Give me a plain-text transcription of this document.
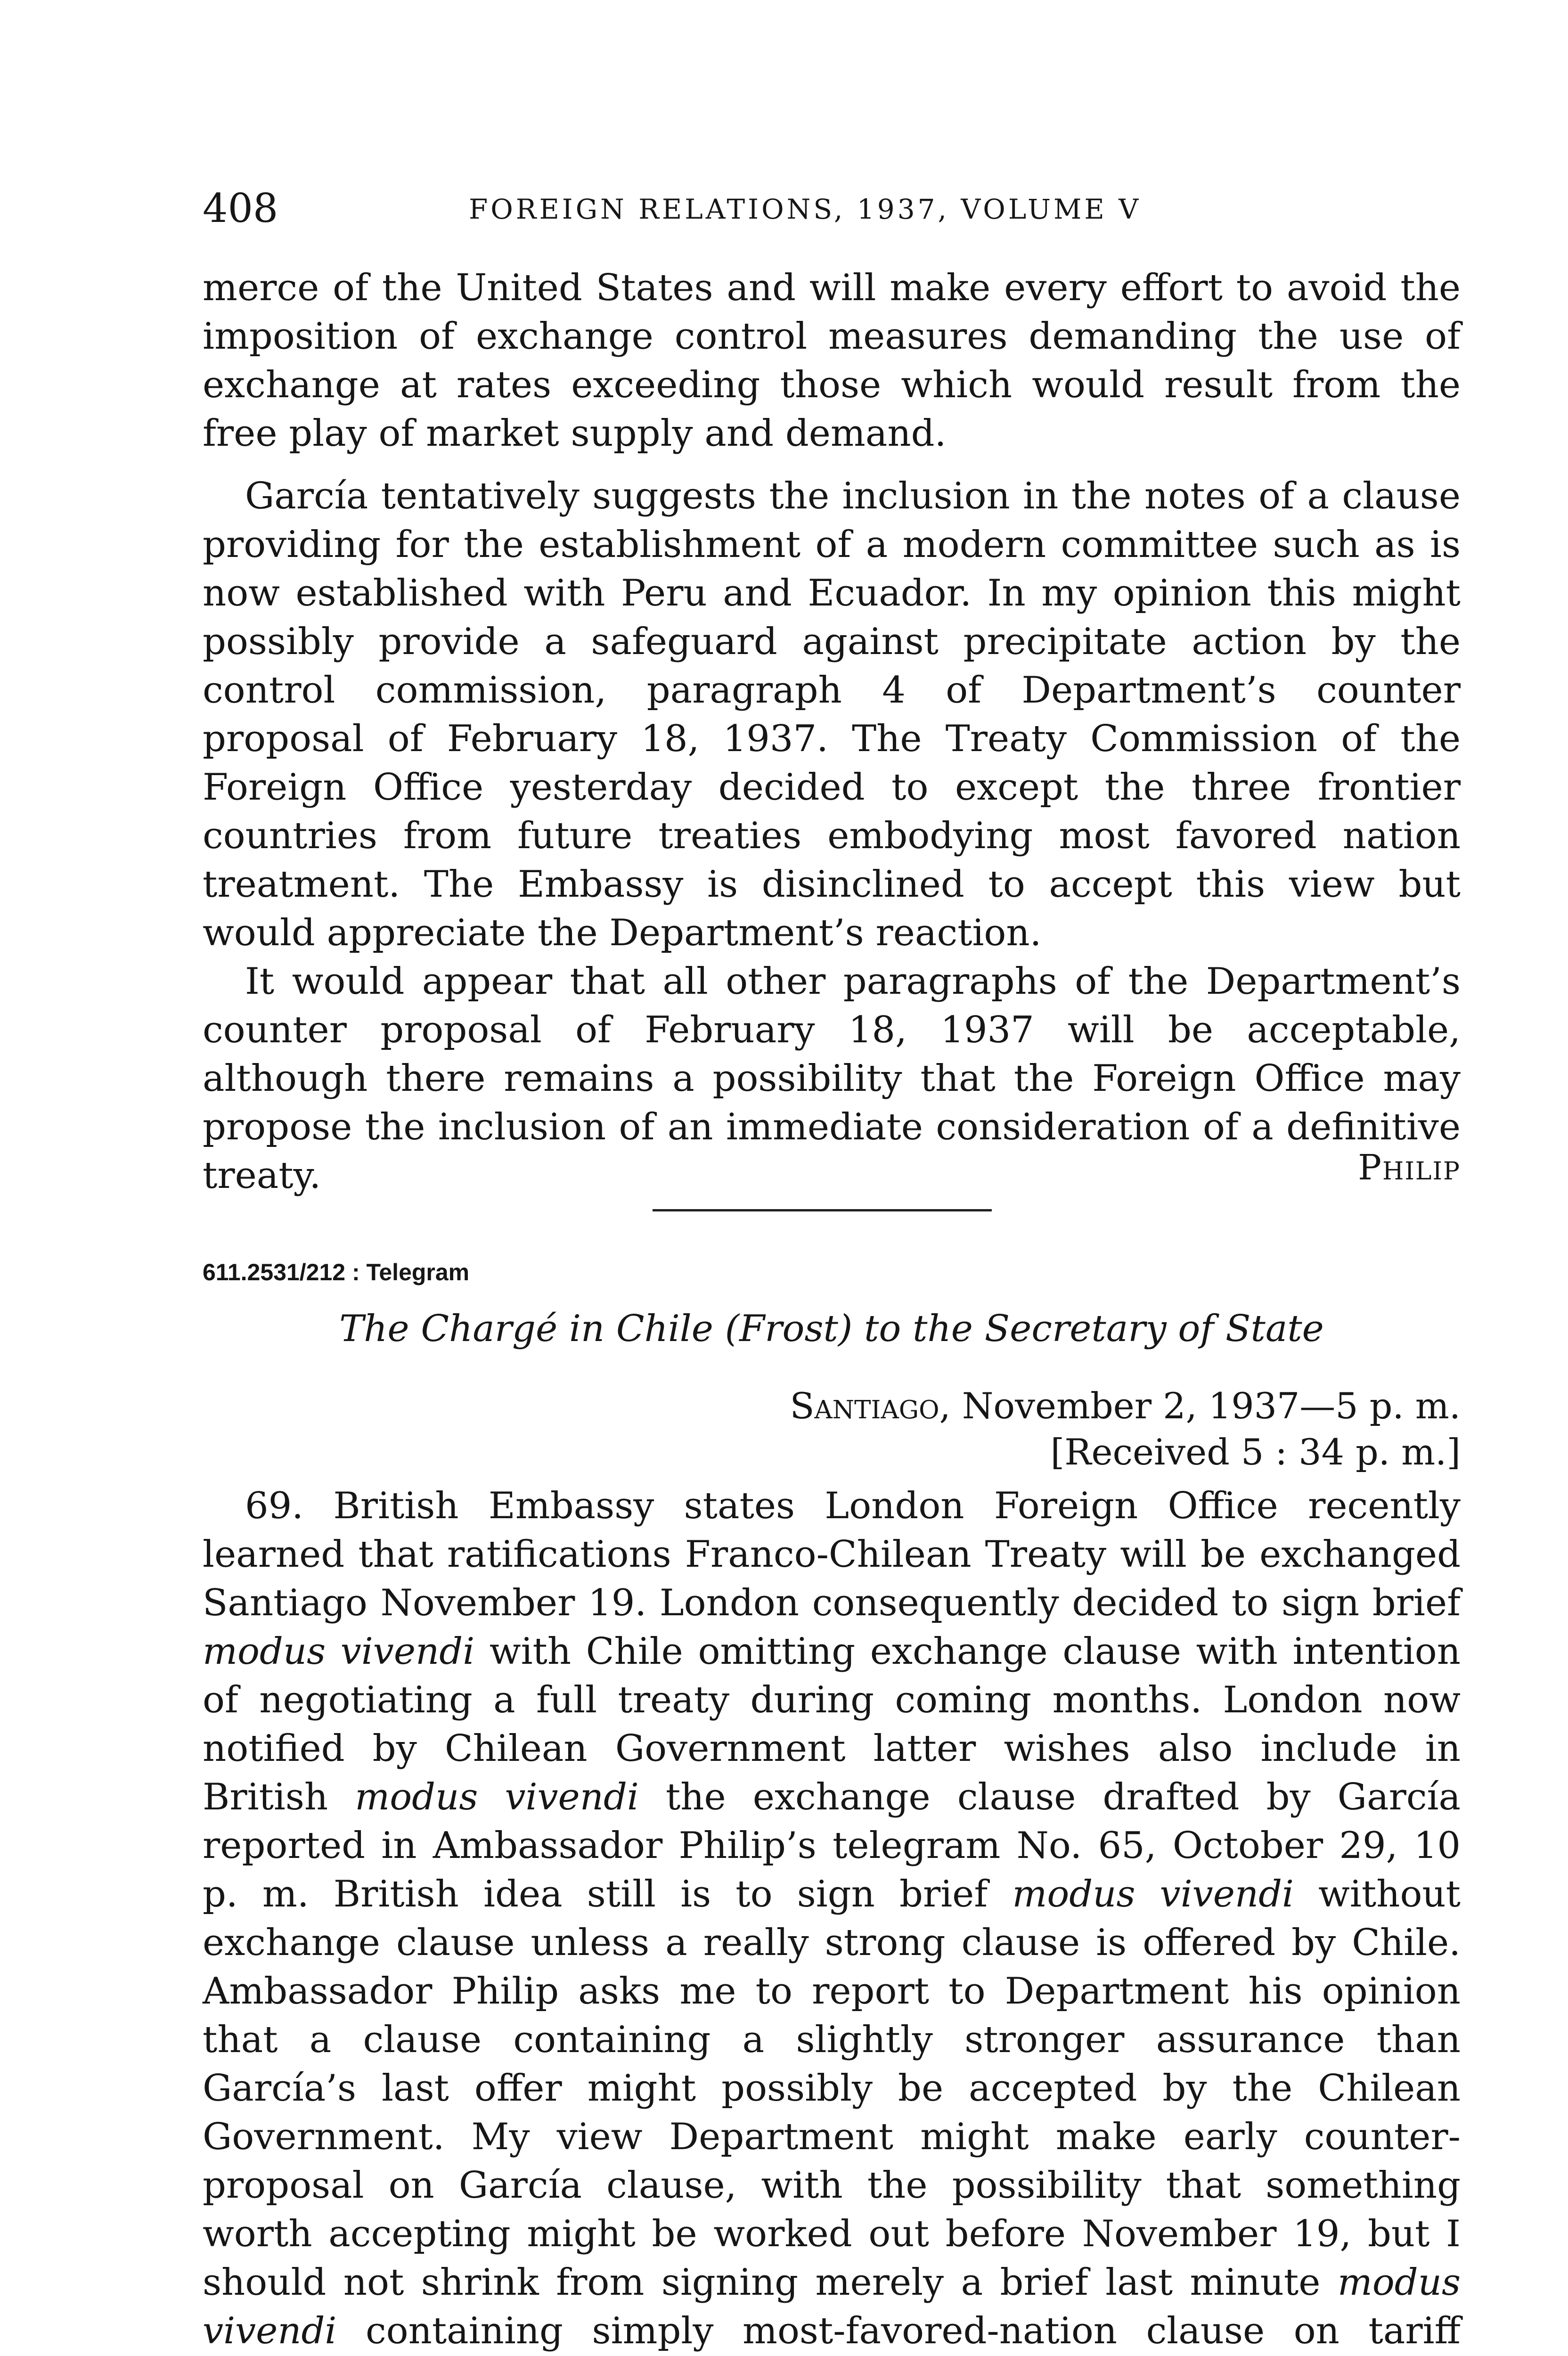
408	FOREIGN RELATIONS, 1937, VOLUME V

merce of the United States and will make every effort to avoid the imposition of exchange control measures demanding the use of exchange at rates exceeding those which would result from the free play of market supply and demand.

García tentatively suggests the inclusion in the notes of a clause providing for the establishment of a modern committee such as is now established with Peru and Ecuador. In my opinion this might possibly provide a safeguard against precipitate action by the control commission, paragraph 4 of Department’s counter proposal of February 18, 1937. The Treaty Commission of the Foreign Office yesterday decided to except the three frontier countries from future treaties embodying most favored nation treatment. The Embassy is disinclined to accept this view but would appreciate the Department’s reaction.

It would appear that all other paragraphs of the Department’s counter proposal of February 18, 1937 will be acceptable, although there remains a possibility that the Foreign Office may propose the inclusion of an immediate consideration of a definitive treaty.	Philip
611.2531/212 : Telegram
The Chargé in Chile (Frost) to the Secretary of State
Santiago, November 2, 1937—5 p. m.
[Received 5 : 34 p. m.]

69. British Embassy states London Foreign Office recently learned that ratifications Franco-Chilean Treaty will be exchanged Santiago November 19. London consequently decided to sign brief modus vivendi with Chile omitting exchange clause with intention of negotiating a full treaty during coming months. London now notified by Chilean Government latter wishes also include in British modus vivendi the exchange clause drafted by García reported in Ambassador Philip’s telegram No. 65, October 29, 10 p. m. British idea still is to sign brief modus vivendi without exchange clause unless a really strong clause is offered by Chile. Ambassador Philip asks me to report to Department his opinion that a clause containing a slightly stronger assurance than García’s last offer might possibly be accepted by the Chilean Government. My view Department might make early counter-proposal on García clause, with the possibility that something worth accepting might be worked out before November 19, but I should not shrink from signing merely a brief last minute modus vivendi containing simply most-favored-nation clause on tariff
